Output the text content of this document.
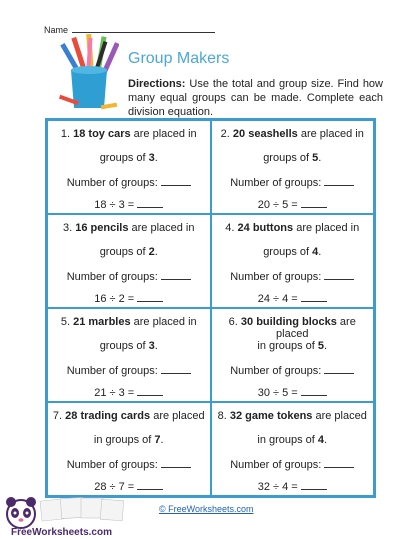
Name
Group Makers
Directions: Use the total and group size. Find how many equal groups can be made. Complete each division equation.
1. 18 toy cars are placed in
groups of 3.
Number of groups:
18 ÷ 3 =
2. 20 seashells are placed in
groups of 5.
Number of groups:
20 ÷ 5 =
3. 16 pencils are placed in
groups of 2.
Number of groups:
16 ÷ 2 =
4. 24 buttons are placed in
groups of 4.
Number of groups:
24 ÷ 4 =
5. 21 marbles are placed in
groups of 3.
Number of groups:
21 ÷ 3 =
6. 30 building blocks are placed
in groups of 5.
Number of groups:
30 ÷ 5 =
7. 28 trading cards are placed
in groups of 7.
Number of groups:
28 ÷ 7 =
8. 32 game tokens are placed
in groups of 4.
Number of groups:
32 ÷ 4 =
FreeWorksheets.com
© FreeWorksheets.com
